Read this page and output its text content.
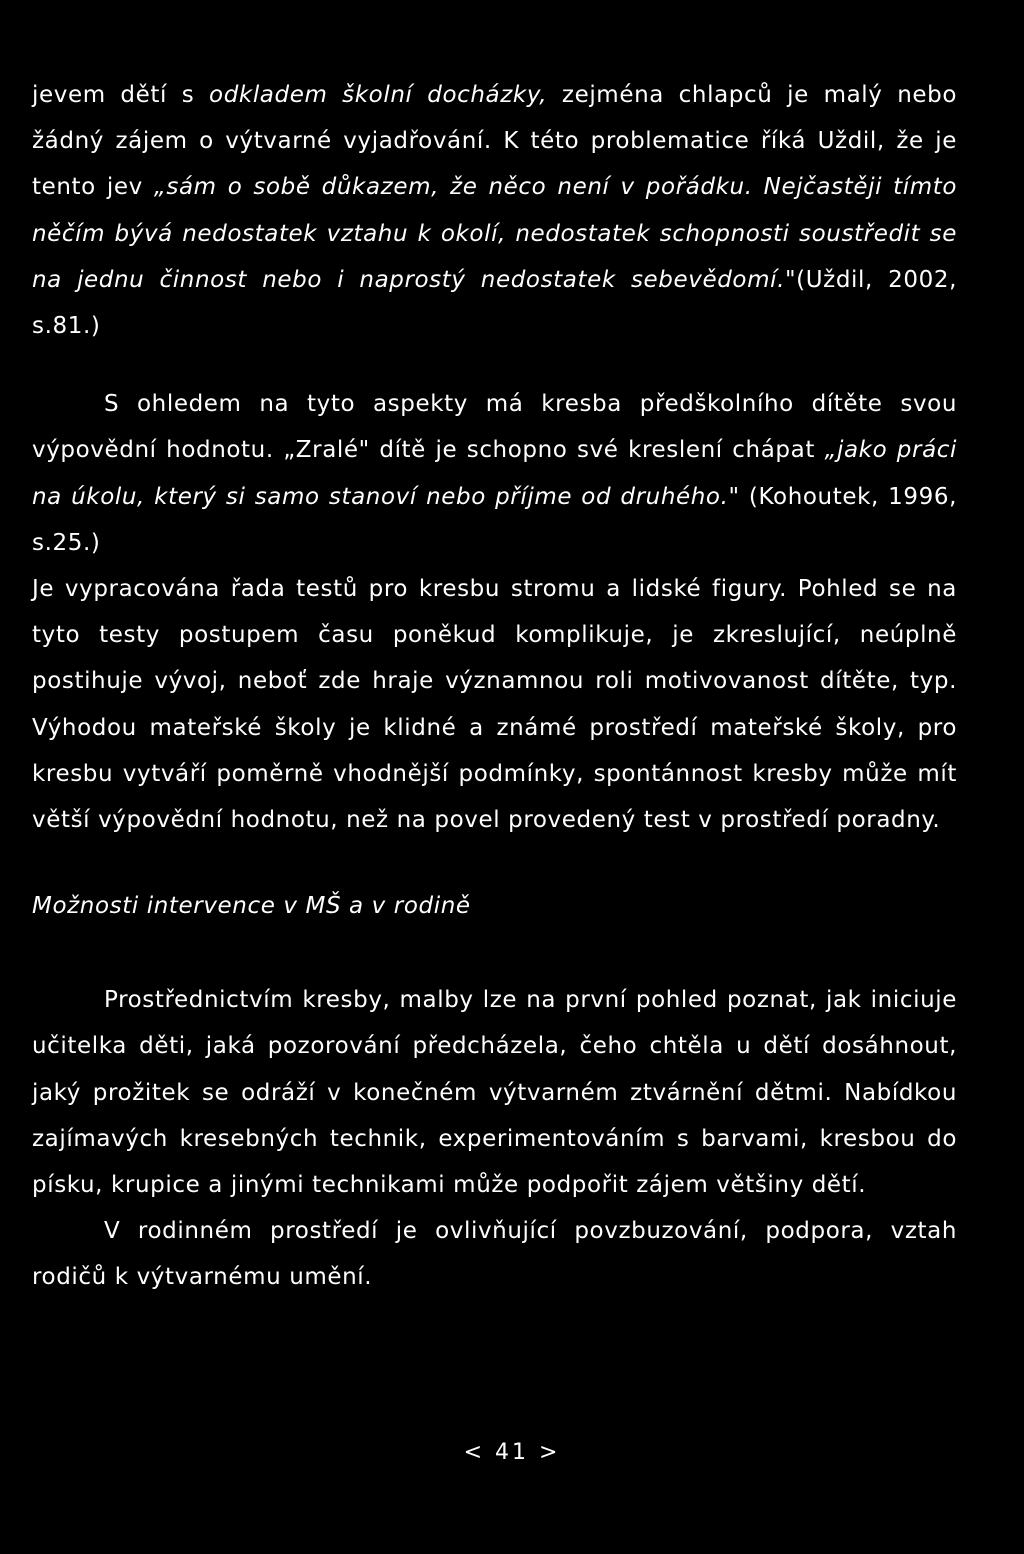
jevem dětí s odkladem školní docházky, zejména chlapců je malý nebo žádný zájem o výtvarné vyjadřování. K této problematice říká Uždil, že je tento jev „sám o sobě důkazem, že něco není v pořádku. Nejčastěji tímto něčím bývá nedostatek vztahu k okolí, nedostatek schopnosti soustředit se na jednu činnost nebo i naprostý nedostatek sebevědomí."(Uždil, 2002, s.81.)

S ohledem na tyto aspekty má kresba předškolního dítěte svou výpovědní hodnotu. „Zralé" dítě je schopno své kreslení chápat „jako práci na úkolu, který si samo stanoví nebo příjme od druhého." (Kohoutek, 1996, s.25.)

Je vypracována řada testů pro kresbu stromu a lidské figury. Pohled se na tyto testy postupem času poněkud komplikuje, je zkreslující, neúplně postihuje vývoj, neboť zde hraje významnou roli motivovanost dítěte, typ. Výhodou mateřské školy je klidné a známé prostředí mateřské školy, pro kresbu vytváří poměrně vhodnější podmínky, spontánnost kresby může mít větší výpovědní hodnotu, než na povel provedený test v prostředí poradny.

Možnosti intervence v MŠ a v rodině

Prostřednictvím kresby, malby lze na první pohled poznat, jak iniciuje učitelka děti, jaká pozorování předcházela, čeho chtěla u dětí dosáhnout, jaký prožitek se odráží v konečném výtvarném ztvárnění dětmi. Nabídkou zajímavých kresebných technik, experimentováním s barvami, kresbou do písku, krupice a jinými technikami může podpořit zájem většiny dětí.

V rodinném prostředí je ovlivňující povzbuzování, podpora, vztah rodičů k výtvarnému umění.

< 41 >
